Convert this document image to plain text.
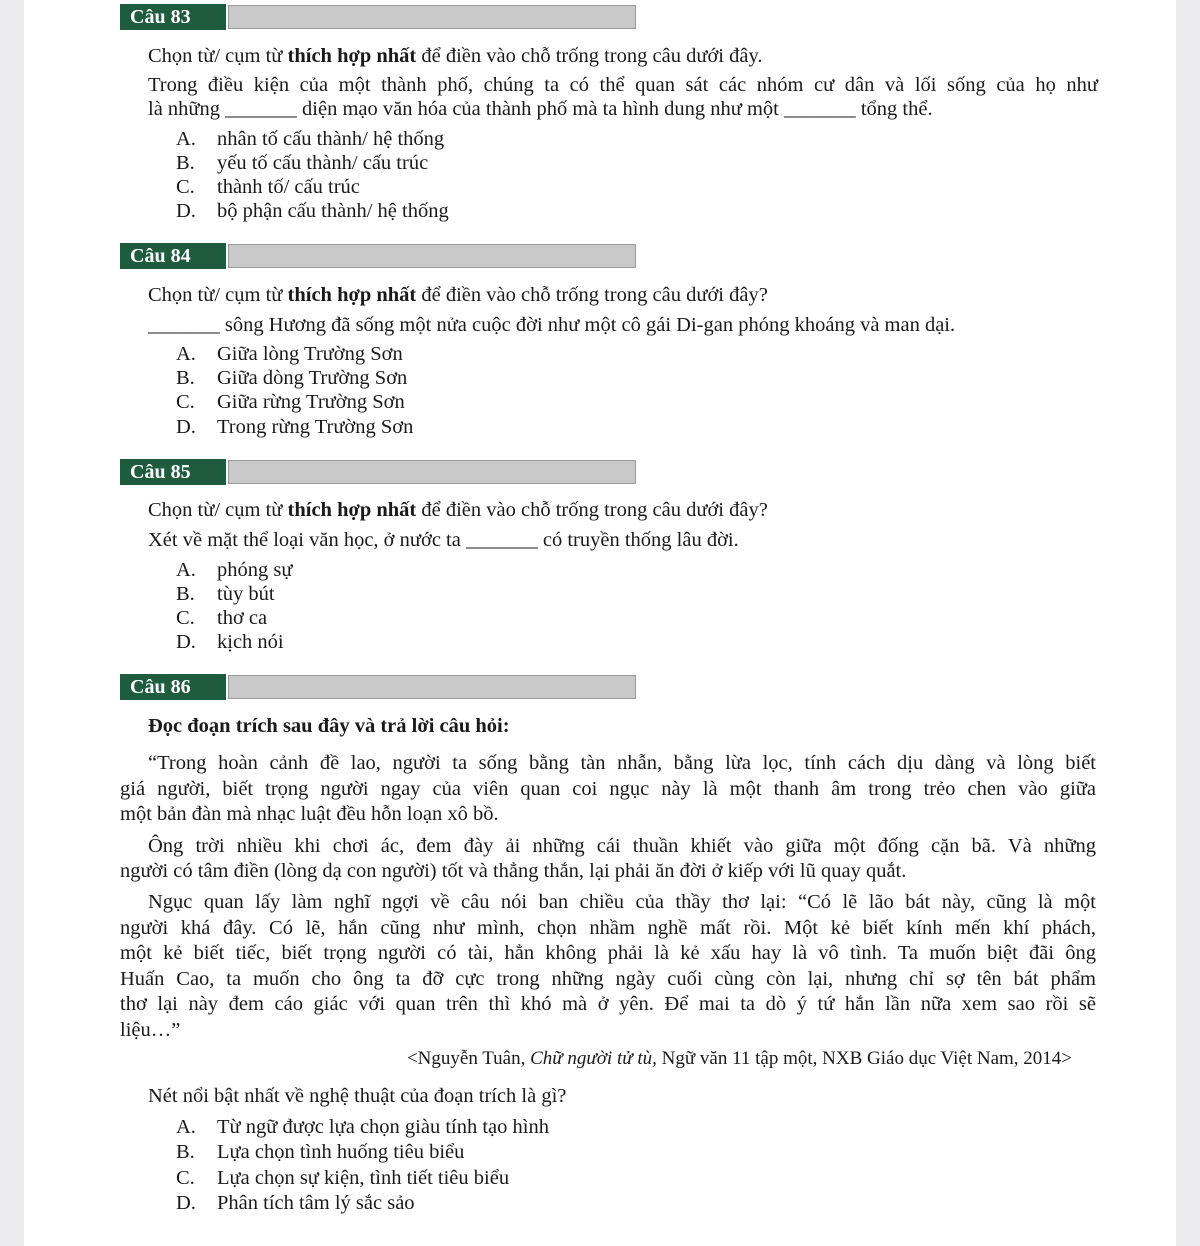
Câu 83
Chọn từ/ cụm từ thích hợp nhất để điền vào chỗ trống trong câu dưới đây.
Trong điều kiện của một thành phố, chúng ta có thể quan sát các nhóm cư dân và lối sống của họ như
là những _______ diện mạo văn hóa của thành phố mà ta hình dung như một _______ tổng thể.
A. nhân tố cấu thành/ hệ thống
B. yếu tố cấu thành/ cấu trúc
C. thành tố/ cấu trúc
D. bộ phận cấu thành/ hệ thống
Câu 84
Chọn từ/ cụm từ thích hợp nhất để điền vào chỗ trống trong câu dưới đây?
_______ sông Hương đã sống một nửa cuộc đời như một cô gái Di-gan phóng khoáng và man dại.
A. Giữa lòng Trường Sơn
B. Giữa dòng Trường Sơn
C. Giữa rừng Trường Sơn
D. Trong rừng Trường Sơn
Câu 85
Chọn từ/ cụm từ thích hợp nhất để điền vào chỗ trống trong câu dưới đây?
Xét về mặt thể loại văn học, ở nước ta _______ có truyền thống lâu đời.
A. phóng sự
B. tùy bút
C. thơ ca
D. kịch nói
Câu 86
Đọc đoạn trích sau đây và trả lời câu hỏi:
“Trong hoàn cảnh đề lao, người ta sống bằng tàn nhẫn, bằng lừa lọc, tính cách dịu dàng và lòng biết
giá người, biết trọng người ngay của viên quan coi ngục này là một thanh âm trong trẻo chen vào giữa
một bản đàn mà nhạc luật đều hỗn loạn xô bồ.
Ông trời nhiều khi chơi ác, đem đày ải những cái thuần khiết vào giữa một đống cặn bã. Và những
người có tâm điền (lòng dạ con người) tốt và thẳng thắn, lại phải ăn đời ở kiếp với lũ quay quắt.
Ngục quan lấy làm nghĩ ngợi về câu nói ban chiều của thầy thơ lại: “Có lẽ lão bát này, cũng là một
người khá đây. Có lẽ, hắn cũng như mình, chọn nhầm nghề mất rồi. Một kẻ biết kính mến khí phách,
một kẻ biết tiếc, biết trọng người có tài, hẳn không phải là kẻ xấu hay là vô tình. Ta muốn biệt đãi ông
Huấn Cao, ta muốn cho ông ta đỡ cực trong những ngày cuối cùng còn lại, nhưng chỉ sợ tên bát phẩm
thơ lại này đem cáo giác với quan trên thì khó mà ở yên. Để mai ta dò ý tứ hắn lần nữa xem sao rồi sẽ
liệu…”
<Nguyễn Tuân, Chữ người tử tù, Ngữ văn 11 tập một, NXB Giáo dục Việt Nam, 2014>
Nét nổi bật nhất về nghệ thuật của đoạn trích là gì?
A. Từ ngữ được lựa chọn giàu tính tạo hình
B. Lựa chọn tình huống tiêu biểu
C. Lựa chọn sự kiện, tình tiết tiêu biểu
D. Phân tích tâm lý sắc sảo
